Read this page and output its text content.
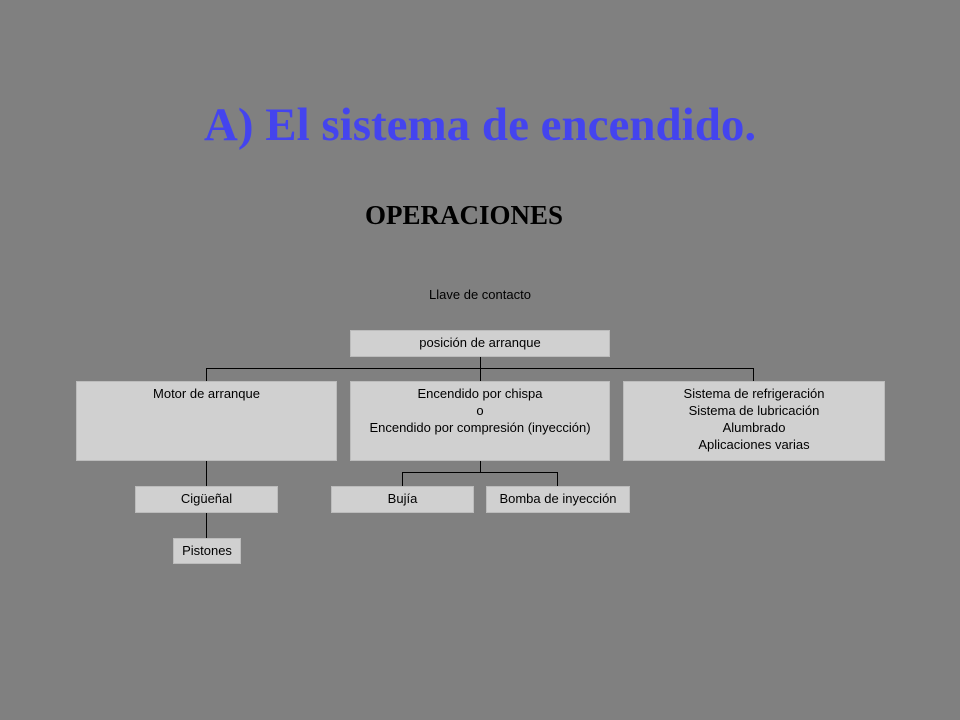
A) El sistema de encendido.
OPERACIONES
Llave de contacto
posición de arranque
Motor de arranque	Encendido por chispa
o
Encendido por compresión (inyección)
Sistema de refrigeración
Sistema de lubricación
Alumbrado
Aplicaciones varias
Cigüeñal
Pistones
Bujía	Bomba de inyección
